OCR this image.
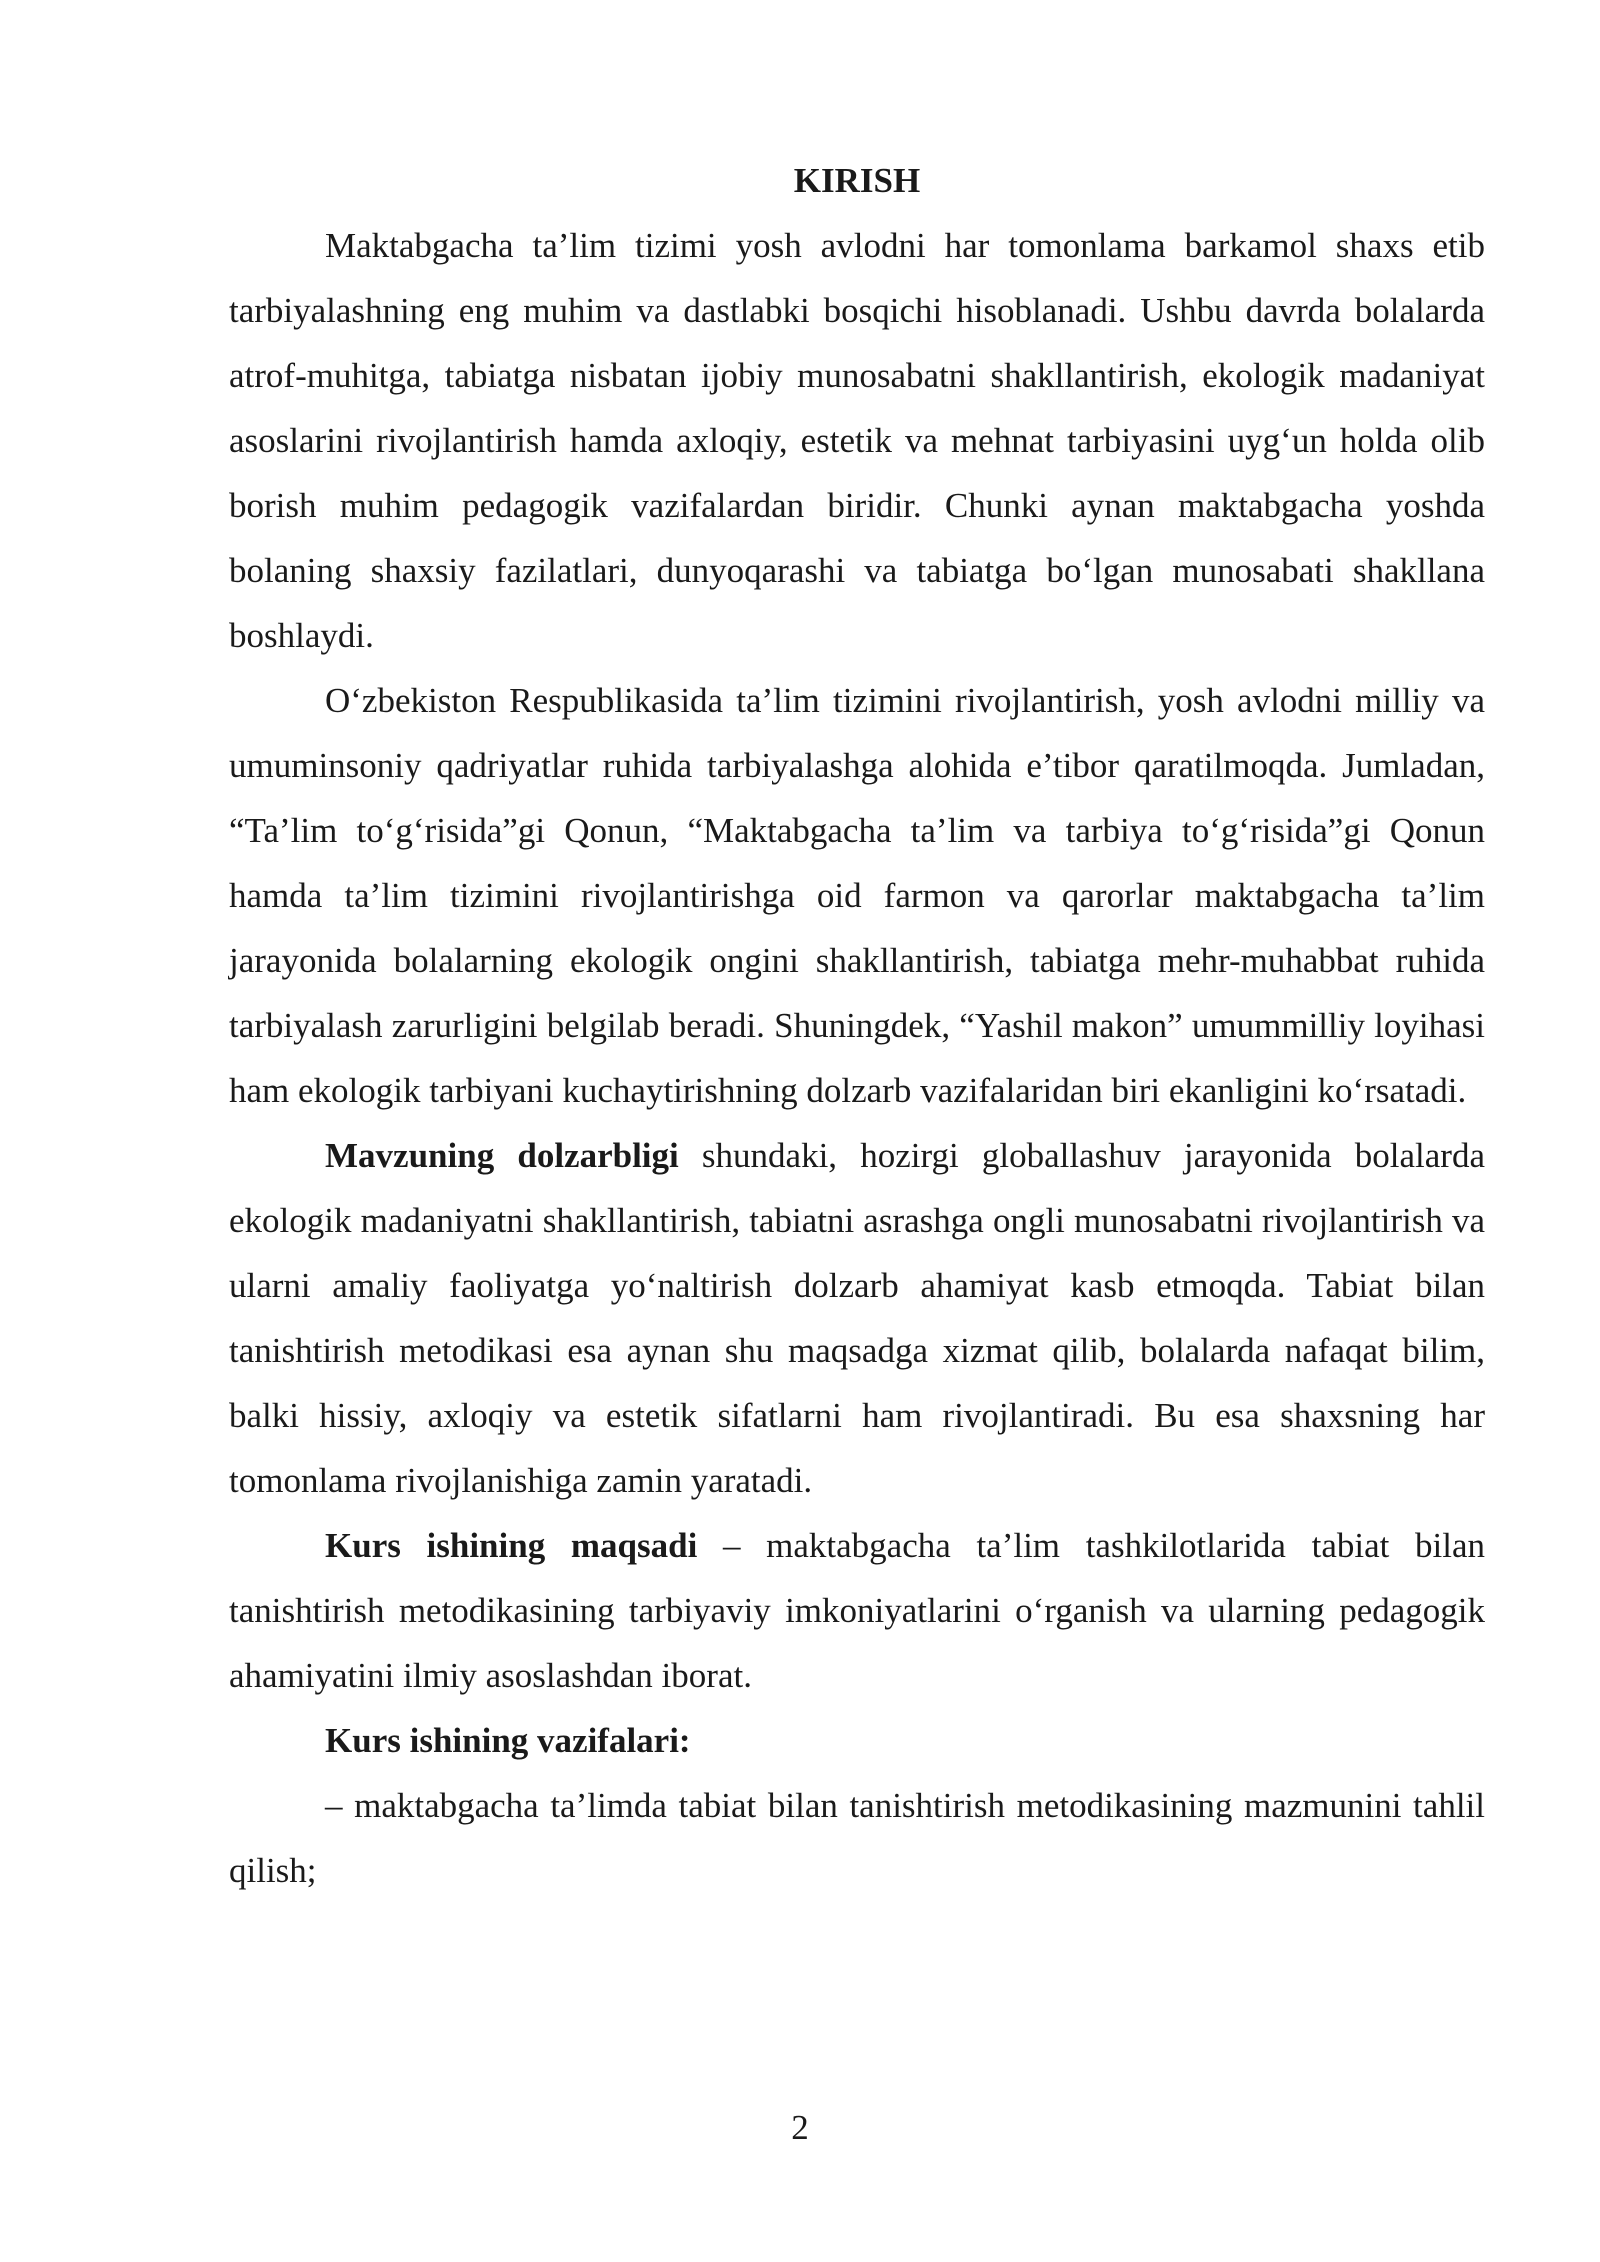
KIRISH

Maktabgacha ta’lim tizimi yosh avlodni har tomonlama barkamol shaxs etib tarbiyalashning eng muhim va dastlabki bosqichi hisoblanadi. Ushbu davrda bolalarda atrof-muhitga, tabiatga nisbatan ijobiy munosabatni shakllantirish, ekologik madaniyat asoslarini rivojlantirish hamda axloqiy, estetik va mehnat tarbiyasini uyg‘un holda olib borish muhim pedagogik vazifalardan biridir. Chunki aynan maktabgacha yoshda bolaning shaxsiy fazilatlari, dunyoqarashi va tabiatga bo‘lgan munosabati shakllana boshlaydi.

O‘zbekiston Respublikasida ta’lim tizimini rivojlantirish, yosh avlodni milliy va umuminsoniy qadriyatlar ruhida tarbiyalashga alohida e’tibor qaratilmoqda. Jumladan, “Ta’lim to‘g‘risida”gi Qonun, “Maktabgacha ta’lim va tarbiya to‘g‘risida”gi Qonun hamda ta’lim tizimini rivojlantirishga oid farmon va qarorlar maktabgacha ta’lim jarayonida bolalarning ekologik ongini shakllantirish, tabiatga mehr-muhabbat ruhida tarbiyalash zarurligini belgilab beradi. Shuningdek, “Yashil makon” umummilliy loyihasi ham ekologik tarbiyani kuchaytirishning dolzarb vazifalaridan biri ekanligini ko‘rsatadi.

Mavzuning dolzarbligi shundaki, hozirgi globallashuv jarayonida bolalarda ekologik madaniyatni shakllantirish, tabiatni asrashga ongli munosabatni rivojlantirish va ularni amaliy faoliyatga yo‘naltirish dolzarb ahamiyat kasb etmoqda. Tabiat bilan tanishtirish metodikasi esa aynan shu maqsadga xizmat qilib, bolalarda nafaqat bilim, balki hissiy, axloqiy va estetik sifatlarni ham rivojlantiradi. Bu esa shaxsning har tomonlama rivojlanishiga zamin yaratadi.

Kurs ishining maqsadi – maktabgacha ta’lim tashkilotlarida tabiat bilan tanishtirish metodikasining tarbiyaviy imkoniyatlarini o‘rganish va ularning pedagogik ahamiyatini ilmiy asoslashdan iborat.

Kurs ishining vazifalari:

– maktabgacha ta’limda tabiat bilan tanishtirish metodikasining mazmunini tahlil qilish;

2
